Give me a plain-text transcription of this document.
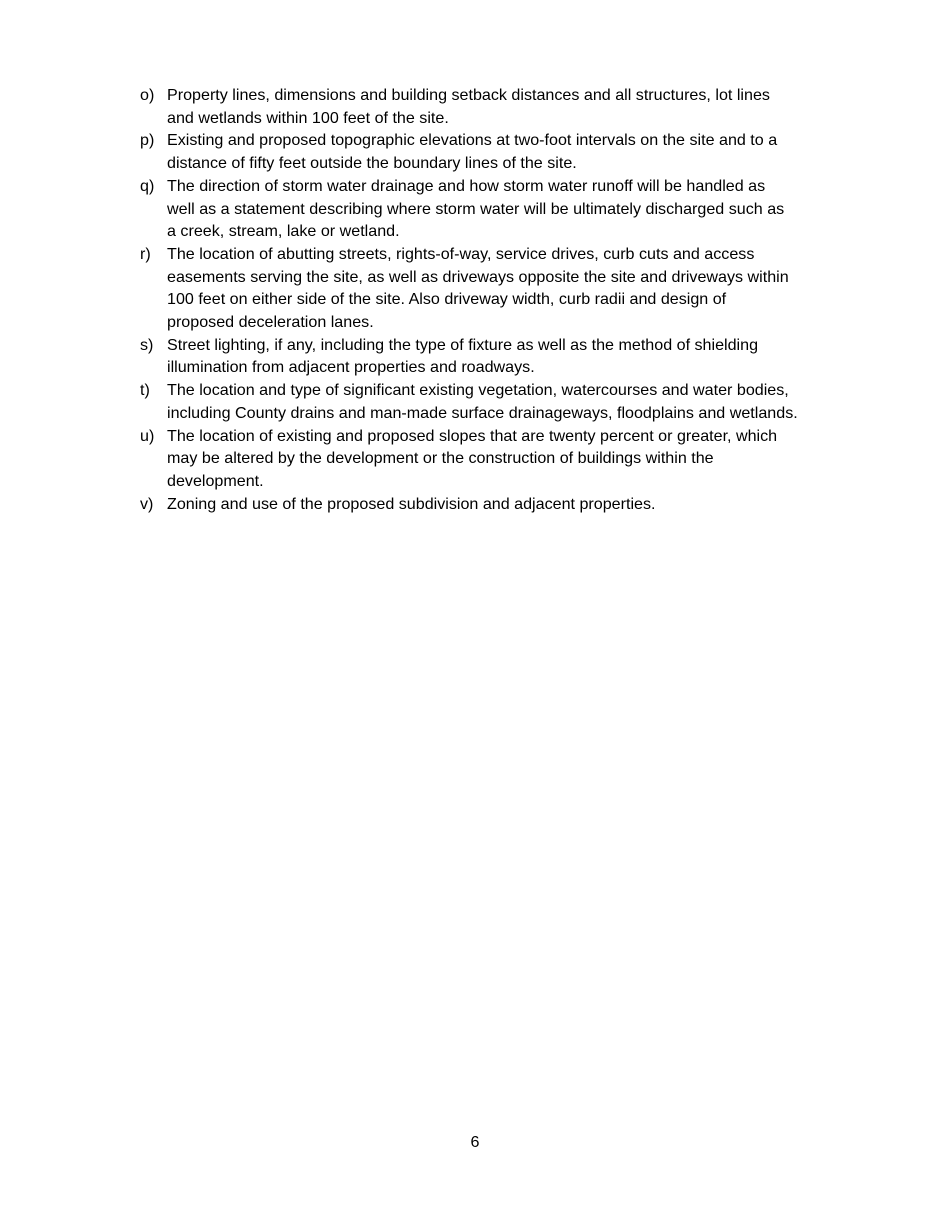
o) Property lines, dimensions and building setback distances and all structures, lot lines
and wetlands within 100 feet of the site.
p) Existing and proposed topographic elevations at two-foot intervals on the site and to a
distance of fifty feet outside the boundary lines of the site.
q) The direction of storm water drainage and how storm water runoff will be handled as
well as a statement describing where storm water will be ultimately discharged such as
a creek, stream, lake or wetland.
r)	The location of abutting streets, rights-of-way, service drives, curb cuts and access
easements serving the site, as well as driveways opposite the site and driveways within
100 feet on either side of the site. Also driveway width, curb radii and design of
proposed deceleration lanes.
s) Street lighting, if any, including the type of fixture as well as the method of shielding
illumination from adjacent properties and roadways.
t)	The location and type of significant existing vegetation, watercourses and water bodies,
including County drains and man-made surface drainageways, floodplains and wetlands.
u) The location of existing and proposed slopes that are twenty percent or greater, which
may be altered by the development or the construction of buildings within the
development.
v) Zoning and use of the proposed subdivision and adjacent properties.
6
